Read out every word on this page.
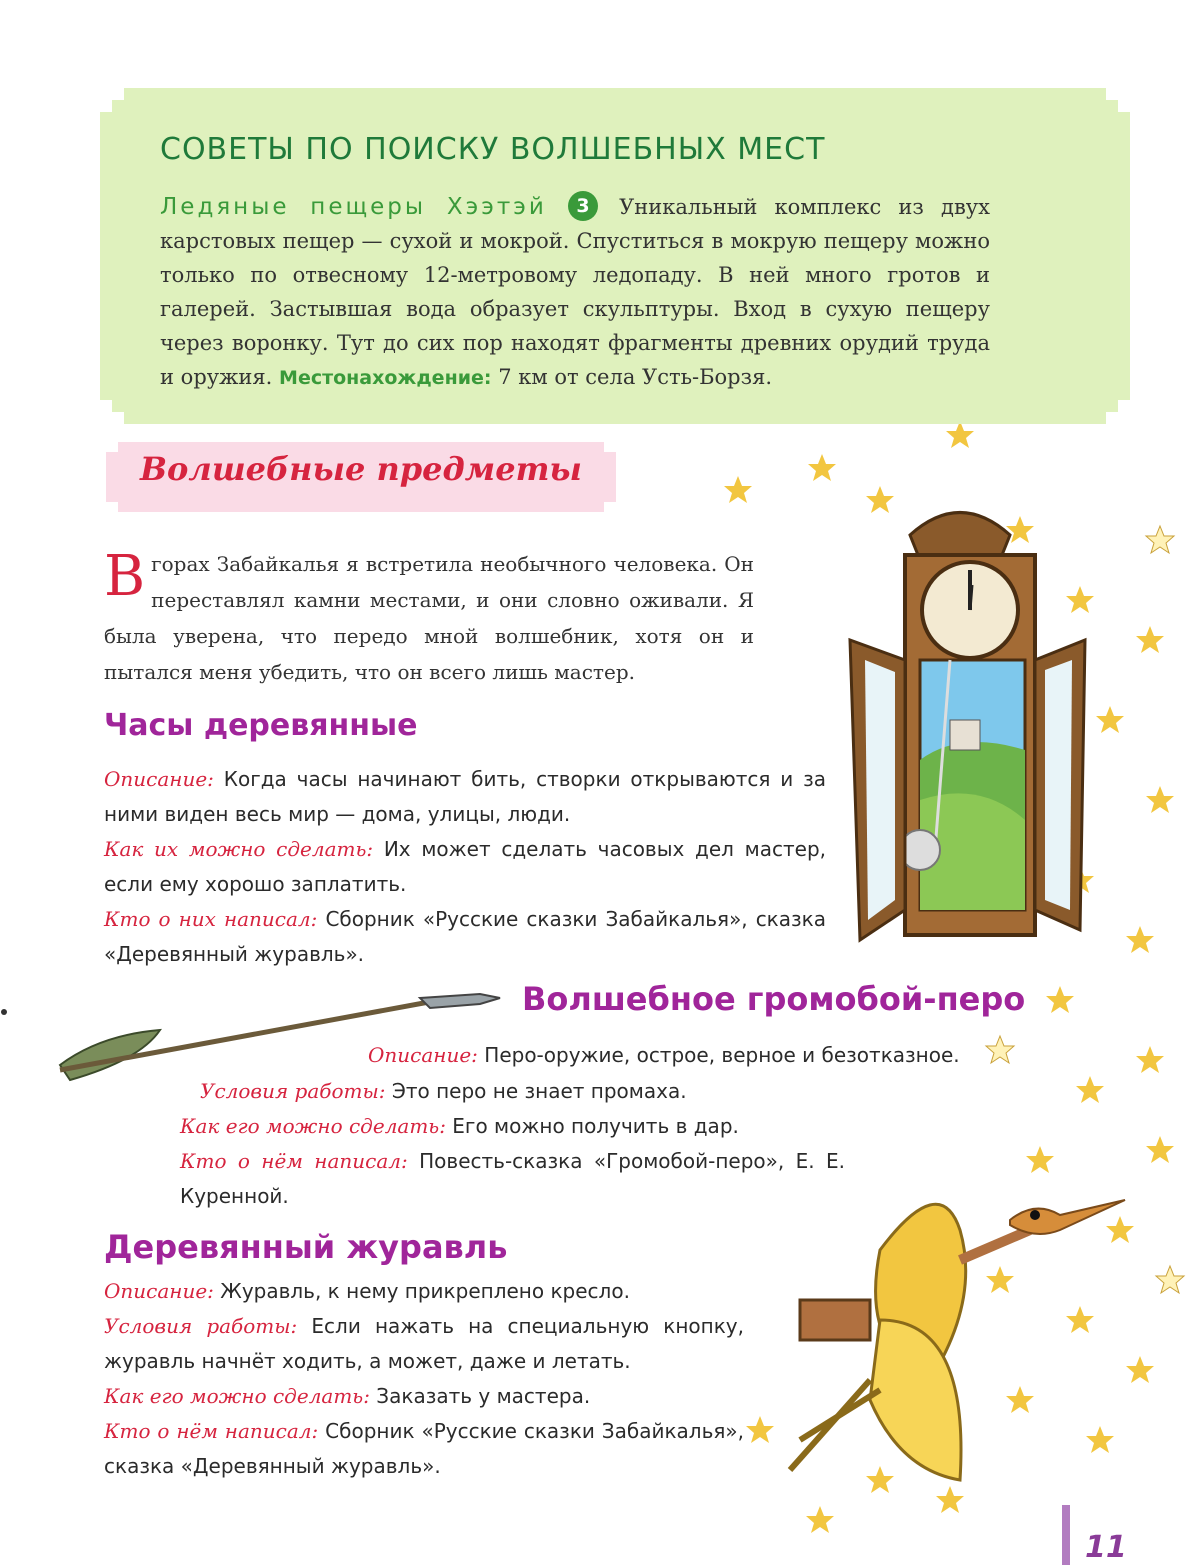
СОВЕТЫ ПО ПОИСКУ ВОЛШЕБНЫХ МЕСТ
Ледяные пещеры Хээтэй 3 Уникальный комплекс из двух карстовых пещер — сухой и мокрой. Спуститься в мокрую пещеру можно только по отвесному 12-метровому ледопаду. В ней много гротов и галерей. Застывшая вода образует скульптуры. Вход в сухую пещеру через воронку. Тут до сих пор находят фрагменты древних орудий труда и оружия. Местонахождение: 7 км от села Усть-Борзя.
Волшебные предметы
В горах Забайкалья я встретила необычного человека. Он переставлял камни местами, и они словно оживали. Я была уверена, что передо мной волшебник, хотя он и пытался меня убедить, что он всего лишь мастер.
Часы деревянные

Описание: Когда часы начинают бить, створки открываются и за ними виден весь мир — дома, улицы, люди.

Как их можно сделать: Их может сделать часовых дел мастер, если ему хорошо заплатить.

Кто о них написал: Сборник «Русские сказки Забайкалья», сказка «Деревянный журавль».

Волшебное громобой-перо
Описание: Перо-оружие, острое, верное и безотказное.
Условия работы: Это перо не знает промаха.
Как его можно сделать: Его можно получить в дар.
Кто о нём написал: Повесть-сказка «Громобой-перо», Е. Е. Куренной.
Деревянный журавль

Описание: Журавль, к нему прикреплено кресло.

Условия работы: Если нажать на специальную кнопку, журавль начнёт ходить, а может, даже и летать.

Как его можно сделать: Заказать у мастера.

Кто о нём написал: Сборник «Русские сказки Забайкалья», сказка «Деревянный журавль».

11
